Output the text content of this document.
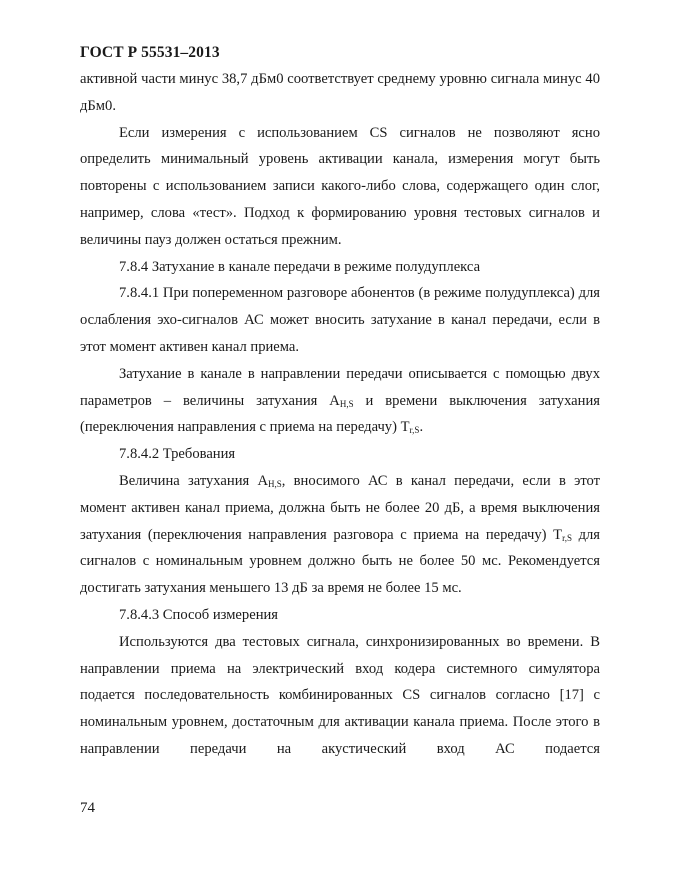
ГОСТ Р 55531–2013

активной части минус 38,7 дБм0 соответствует среднему уровню сигнала минус 40 дБм0.

Если измерения с использованием CS сигналов не позволяют ясно определить минимальный уровень активации канала, измерения могут быть повторены с использованием записи какого-либо слова, содержащего один слог, например, слова «тест». Подход к формированию уровня тестовых сигналов и величины пауз должен остаться прежним.

7.8.4 Затухание в канале передачи в режиме полудуплекса

7.8.4.1 При попеременном разговоре абонентов (в режиме полудуплекса) для ослабления эхо-сигналов АС может вносить затухание в канал передачи, если в этот момент активен канал приема.

Затухание в канале в направлении передачи описывается с помощью двух параметров – величины затухания $А_{H,S}$ и времени выключения затухания (переключения направления с приема на передачу) $Т_{r,S}$.

7.8.4.2 Требования

Величина затухания $А_{H,S}$, вносимого АС в канал передачи, если в этот момент активен канал приема, должна быть не более 20 дБ, а время выключения затухания (переключения направления разговора с приема на передачу) $Т_{r,S}$ для сигналов с номинальным уровнем должно быть не более 50 мс. Рекомендуется достигать затухания меньшего 13 дБ за время не более 15 мс.

7.8.4.3 Способ измерения

Используются два тестовых сигнала, синхронизированных во времени. В направлении приема на электрический вход кодера системного симулятора подается последовательность комбинированных CS сигналов согласно [17] с номинальным уровнем, достаточным для активации канала приема. После этого в направлении передачи на акустический вход АС подается

74
